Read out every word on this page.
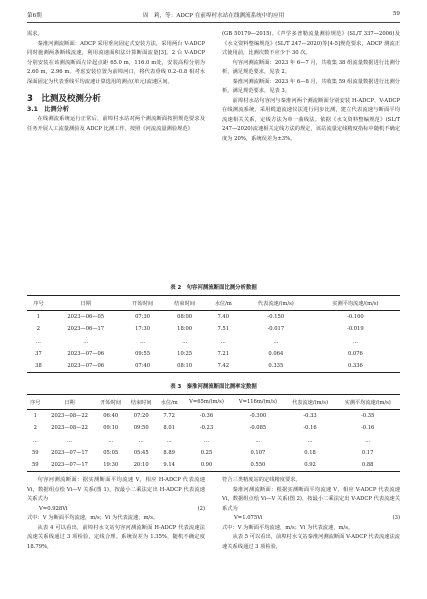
第6期	周　莉，等：ADCP 在前埠村水站在线测流系统中的应用	59

需求。

秦淮河测流断面：ADCP 采用垂向固定式安装方法，采用两台 V-ADCP 同时施测两条断线流速，利用流速面积法计算断面流量[3]。2 台 V-ADCP 分别安装在该测流断面左岸起点距 65.0 m，116.0 m处，安装高程分别为 2.60 m，2.96 m。考虑安装位置为前埠河口，将代表垂线 0.2–0.8 相对水深面固定为代表垂线平均流速计算选用的测点(单元)流速区间。

3　比测及校测分析
3.1　比测分析

在线测流系统运行正常后，前埠村水站对两个测流断面按照规范要求及任务开展人工流量测验及 ADCP 比测工作。按照《河流流量测验规范》

(GB 50179—2015)、《声学多普勒流量测验规范》(SL/T 337—2006)及《水文资料整编规范》(SL/T 247—2020)等[4-5]规范要求，ADCP 测流正式使用前，比测次数不应少于 30 次。

句容河测流断面：2023 年 6—7 月，共收集 38 组流量数据进行比测分析，满足规范要求，见表 2。

秦淮河测流断面：2023 年 6—8 月，共收集 59 组流量数据进行比测分析，满足规范要求，见表 3。

前埠村水站句容河与秦淮河两个测流断面分别安装 H-ADCP、V-ADCP 在线测流系统，采用缆道流速仪法进行同步比测，建立代表流速与断面平均流速相关关系，定线方法为单一曲线法。依据《水文资料整编规范》(SL/T 247—2020)流速相关定线方法的规定，该站流量定线精度指标中随机不确定度为 20%，系统误差为±3%。

表 2　句容河测流断面比测分析数据
序号	日期	开始时间	结束时间	水位/m	代表流速/(m/s)	实测平均流速/(m/s)
1	2023—06—05	07:30	08:00	7.40	-0.150	-0.160
2	2023—06—17	17:30	18:00	7.51	-0.017	-0.019
...	...	...	...	...	...	...
37	2023—07—06	09:55	10:25	7.21	0.064	0.076
38	2023—07—06	07:40	08:10	7.42	0.335	0.336
表 3　秦淮河测流断面比测率定数据
序号	日期	开始时间	结束时间	水位/m	V=65m/(m/s)	V=116m/(m/s)	代表流速/(m/s)	实测平均流速/(m/s)
1	2023—08—22	06:40	07:20	7.72	-0.36	-0.300	-0.33	-0.35
2	2023—08—22	09:10	09:50	8.01	-0.23	-0.085	-0.16	-0.16
...	...	...	...	...	...	...	...	...
59	2023—07—17	05:05	05:45	8.89	0.25	0.107	0.18	0.17
59	2023—07—17	19:30	20:10	9.14	0.90	0.550	0.92	0.88

句容河测流断面：据实测断面平均流速 V，相应 H-ADCP 代表流速 Vi，数据组点绘 Vi—V 关系(图 1)，按最小二乘法定出 H-ADCP 代表流速关系式为

V=0.928Vi	(2)

式中：V 为断面平均流速，m/s；Vi 为代表流速，m/s。

从表 4 可以看出，前埠村水文站句容河测流断面 H-ADCP 代表流速法流速关系线通过 3 项检验，定线合理。系统误差为 1.35%，随机不确定度 18.79%，

符合三类精度站的定线精度要求。

秦淮河测流断面：根据实测断面平均流速 V，相应 V-ADCP 代表流速 Vi，数据组点绘 Vi—V 关系(图 2)，按最小二乘法定出 V-ADCP 代表流速关系式为

V=1.075Vi	(3)

式中：V 为断面平均流速，m/s；Vi 为代表流速，m/s。

从表 5 可以看出，前埠村水文站秦淮河测流断面 V-ADCP 代表流速法流速关系线通过 3 项检验，
